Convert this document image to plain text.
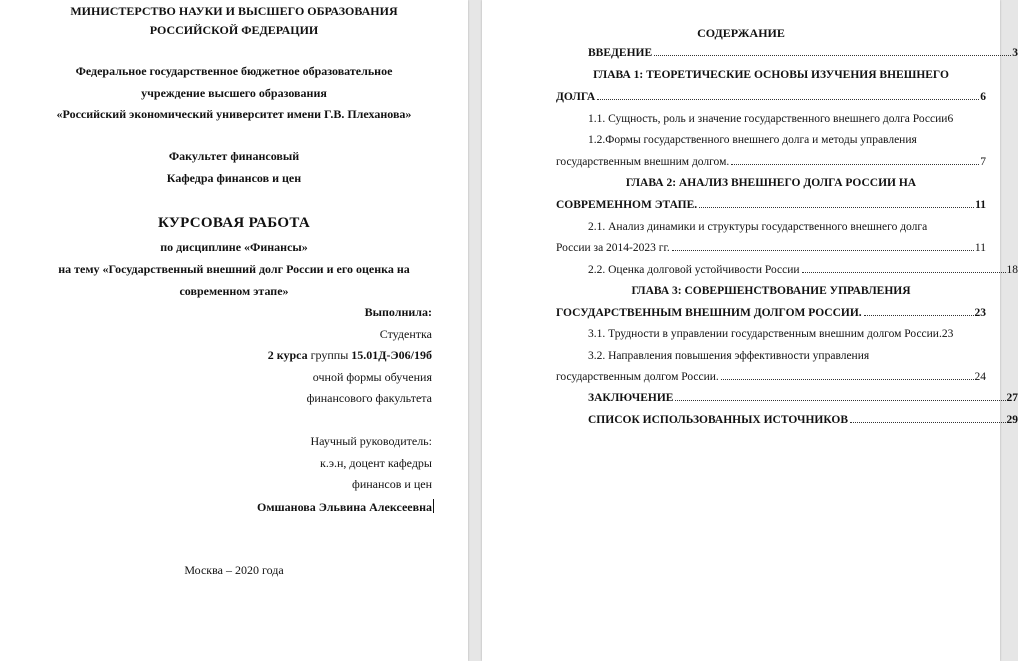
МИНИСТЕРСТВО НАУКИ И ВЫСШЕГО ОБРАЗОВАНИЯ
РОССИЙСКОЙ ФЕДЕРАЦИИ
Федеральное государственное бюджетное образовательное
учреждение высшего образования
«Российский экономический университет имени Г.В. Плеханова»
Факультет финансовый
Кафедра финансов и цен
КУРСОВАЯ РАБОТА
по дисциплине «Финансы»
на тему «Государственный внешний долг России и его оценка на
современном этапе»
Выполнила:
Студентка
2 курса группы 15.01Д-Э06/19б
очной формы обучения
финансового факультета
Научный руководитель:
к.э.н, доцент кафедры
финансов и цен
Омшанова Эльвина Алексеевна
Москва – 2020 года
СОДЕРЖАНИЕ
ВВЕДЕНИЕ	3
ГЛАВА 1: ТЕОРЕТИЧЕСКИЕ ОСНОВЫ ИЗУЧЕНИЯ ВНЕШНЕГО
ДОЛГА	6
1.1. Сущность, роль и значение государственного внешнего долга России 6
1.2.Формы государственного внешнего долга и методы управления
государственным внешним долгом.	7
ГЛАВА 2: АНАЛИЗ ВНЕШНЕГО ДОЛГА РОССИИ НА
СОВРЕМЕННОМ ЭТАПЕ.	11
2.1. Анализ динамики и структуры государственного внешнего долга
России за 2014-2023 гг.	11
2.2. Оценка долговой устойчивости России	18
ГЛАВА 3: СОВЕРШЕНСТВОВАНИЕ УПРАВЛЕНИЯ
ГОСУДАРСТВЕННЫМ ВНЕШНИМ ДОЛГОМ РОССИИ.	23
3.1. Трудности в управлении государственным внешним долгом России. 23
3.2. Направления повышения эффективности управления
государственным долгом России.	24
ЗАКЛЮЧЕНИЕ	27
СПИСОК ИСПОЛЬЗОВАННЫХ ИСТОЧНИКОВ	29
